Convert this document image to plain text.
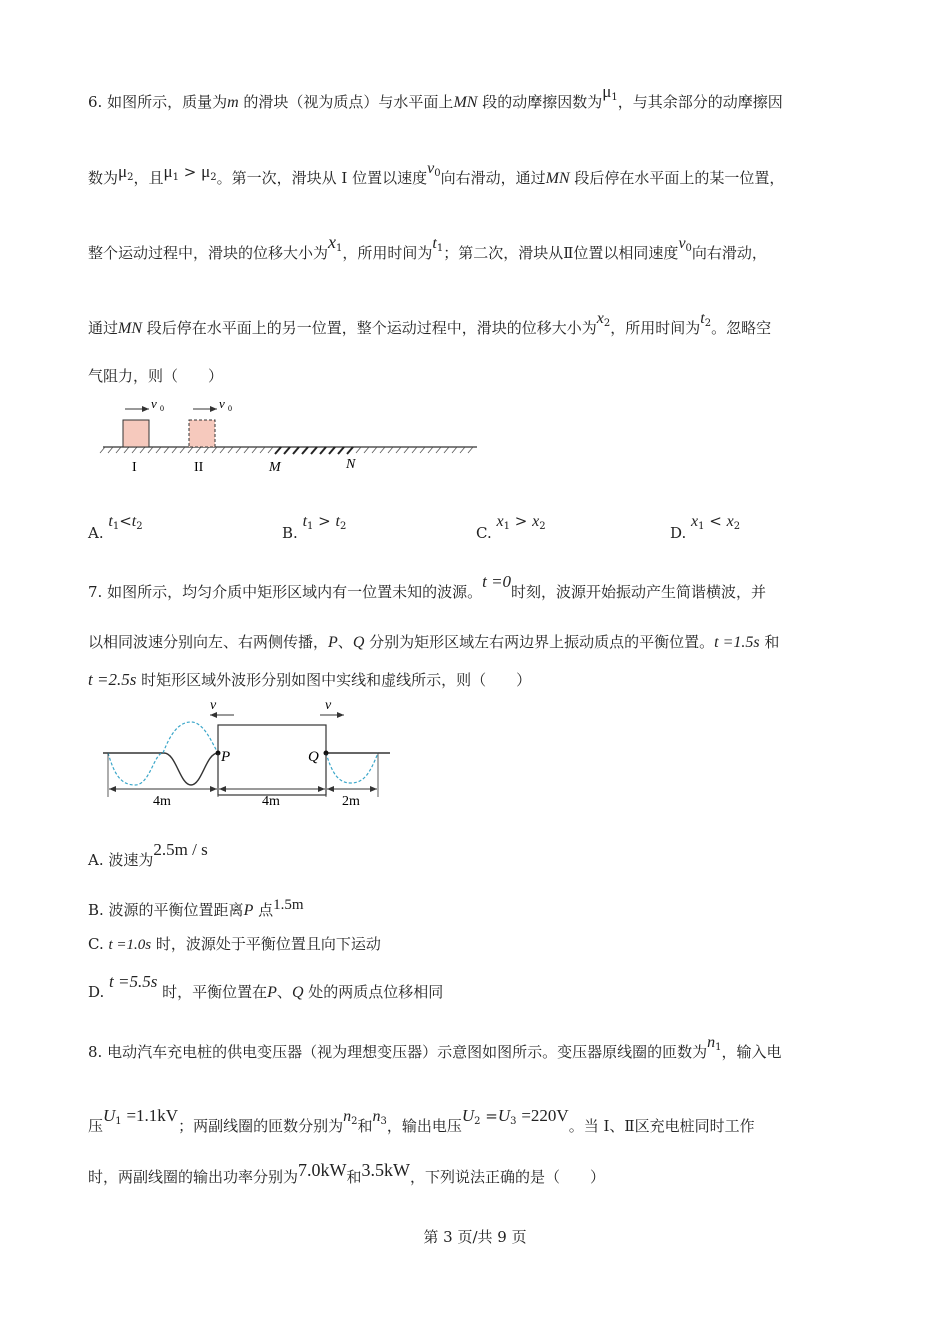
6. 如图所示，质量为m 的滑块（视为质点）与水平面上MN 段的动摩擦因数为$\mu_1$，与其余部分的动摩擦因
数为$\mu_2$，且$\mu_1 > \mu_2$。第一次，滑块从 I 位置以速度$v_0$向右滑动，通过MN 段后停在水平面上的某一位置，
整个运动过程中，滑块的位移大小为$x_1$，所用时间为$t_1$；第二次，滑块从Ⅱ位置以相同速度$v_0$向右滑动，
通过MN 段后停在水平面上的另一位置，整个运动过程中，滑块的位移大小为$x_2$，所用时间为$t_2$。忽略空
气阻力，则（　　）
v 0	v 0
I	II	M	N
A. $t_1<t_2$	B. $t_1 > t_2$	C. $x_1 > x_2$	D. $x_1 < x_2$
7. 如图所示，均匀介质中矩形区域内有一位置未知的波源。t =0时刻，波源开始振动产生简谐横波，并
以相同波速分别向左、右两侧传播，P、Q 分别为矩形区域左右两边界上振动质点的平衡位置。t =1.5s 和
t =2.5s 时矩形区域外波形分别如图中实线和虚线所示，则（　　）
v	v
P	Q
4m	4m	2m
A. 波速为2.5m / s
B. 波源的平衡位置距离P 点1.5m
C. t =1.0s 时，波源处于平衡位置且向下运动
D. t =5.5s 时，平衡位置在P、Q 处的两质点位移相同
8. 电动汽车充电桩的供电变压器（视为理想变压器）示意图如图所示。变压器原线圈的匝数为$n_1$，输入电
压$U_1 =1.1kV$；两副线圈的匝数分别为$n_2$和$n_3$，输出电压$U_2 =U_3 =220V$。当 I、Ⅱ区充电桩同时工作
时，两副线圈的输出功率分别为7.0kW和3.5kW，下列说法正确的是（　　）
第 3 页/共 9 页
